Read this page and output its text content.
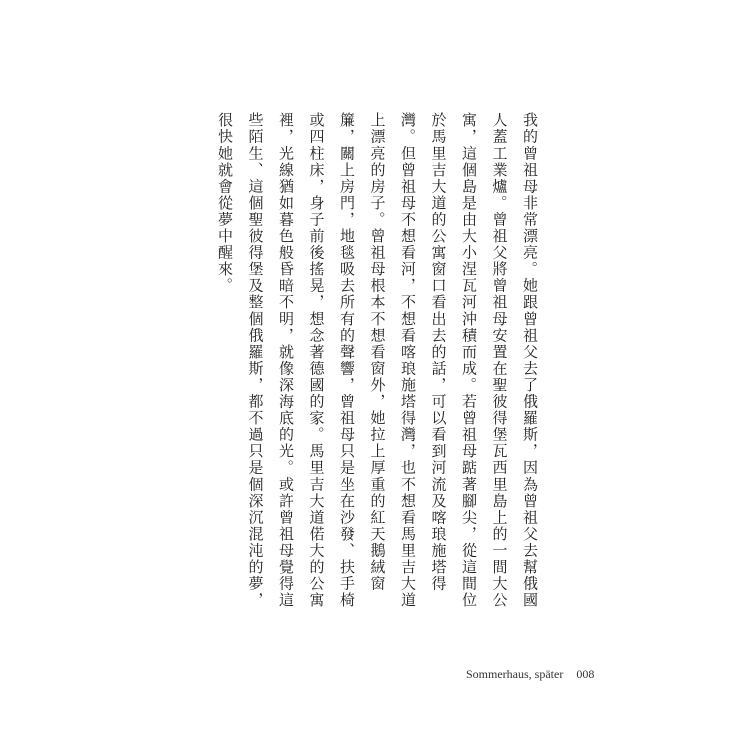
我的曾祖母非常漂亮。她跟曾祖父去了俄羅斯，因為曾祖父去幫俄國人蓋工業爐。曾祖父將曾祖母安置在聖彼得堡瓦西里島上的一間大公寓，這個島是由大小涅瓦河沖積而成。若曾祖母踮著腳尖，從這間位於馬里吉大道的公寓窗口看出去的話，可以看到河流及喀琅施塔得灣。但曾祖母不想看河，不想看喀琅施塔得灣，也不想看馬里吉大道上漂亮的房子。曾祖母根本不想看窗外，她拉上厚重的紅天鵝絨窗簾，關上房門，地毯吸去所有的聲響，曾祖母只是坐在沙發、扶手椅或四柱床，身子前後搖晃，想念著德國的家。馬里吉大道偌大的公寓裡，光線猶如暮色般昏暗不明，就像深海底的光。或許曾祖母覺得這些陌生、這個聖彼得堡及整個俄羅斯，都不過只是個深沉混沌的夢，很快她就會從夢中醒來。

Sommerhaus, später 008
